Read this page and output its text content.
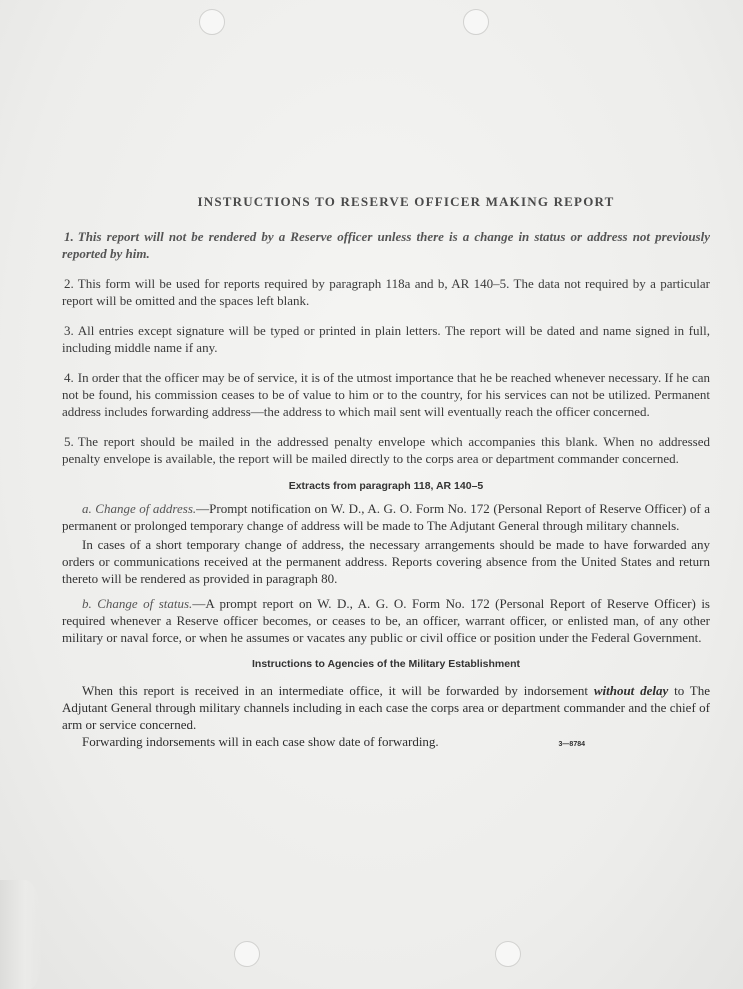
INSTRUCTIONS TO RESERVE OFFICER MAKING REPORT

1. This report will not be rendered by a Reserve officer unless there is a change in status or address not previously reported by him.

2. This form will be used for reports required by paragraph 118a and b, AR 140–5. The data not required by a particular report will be omitted and the spaces left blank.

3. All entries except signature will be typed or printed in plain letters. The report will be dated and name signed in full, including middle name if any.

4. In order that the officer may be of service, it is of the utmost importance that he be reached whenever necessary. If he can not be found, his commission ceases to be of value to him or to the country, for his services can not be utilized. Permanent address includes forwarding address—the address to which mail sent will eventually reach the officer concerned.

5. The report should be mailed in the addressed penalty envelope which accompanies this blank. When no addressed penalty envelope is available, the report will be mailed directly to the corps area or department commander concerned.

Extracts from paragraph 118, AR 140–5

a. Change of address.—Prompt notification on W. D., A. G. O. Form No. 172 (Personal Report of Reserve Officer) of a permanent or prolonged temporary change of address will be made to The Adjutant General through military channels.

In cases of a short temporary change of address, the necessary arrangements should be made to have forwarded any orders or communications received at the permanent address. Reports covering absence from the United States and return thereto will be rendered as provided in paragraph 80.

b. Change of status.—A prompt report on W. D., A. G. O. Form No. 172 (Personal Report of Reserve Officer) is required whenever a Reserve officer becomes, or ceases to be, an officer, warrant officer, or enlisted man, of any other military or naval force, or when he assumes or vacates any public or civil office or position under the Federal Government.

Instructions to Agencies of the Military Establishment

When this report is received in an intermediate office, it will be forwarded by indorsement without delay to The Adjutant General through military channels including in each case the corps area or department commander and the chief of arm or service concerned.

Forwarding indorsements will in each case show date of forwarding.	3—8784
